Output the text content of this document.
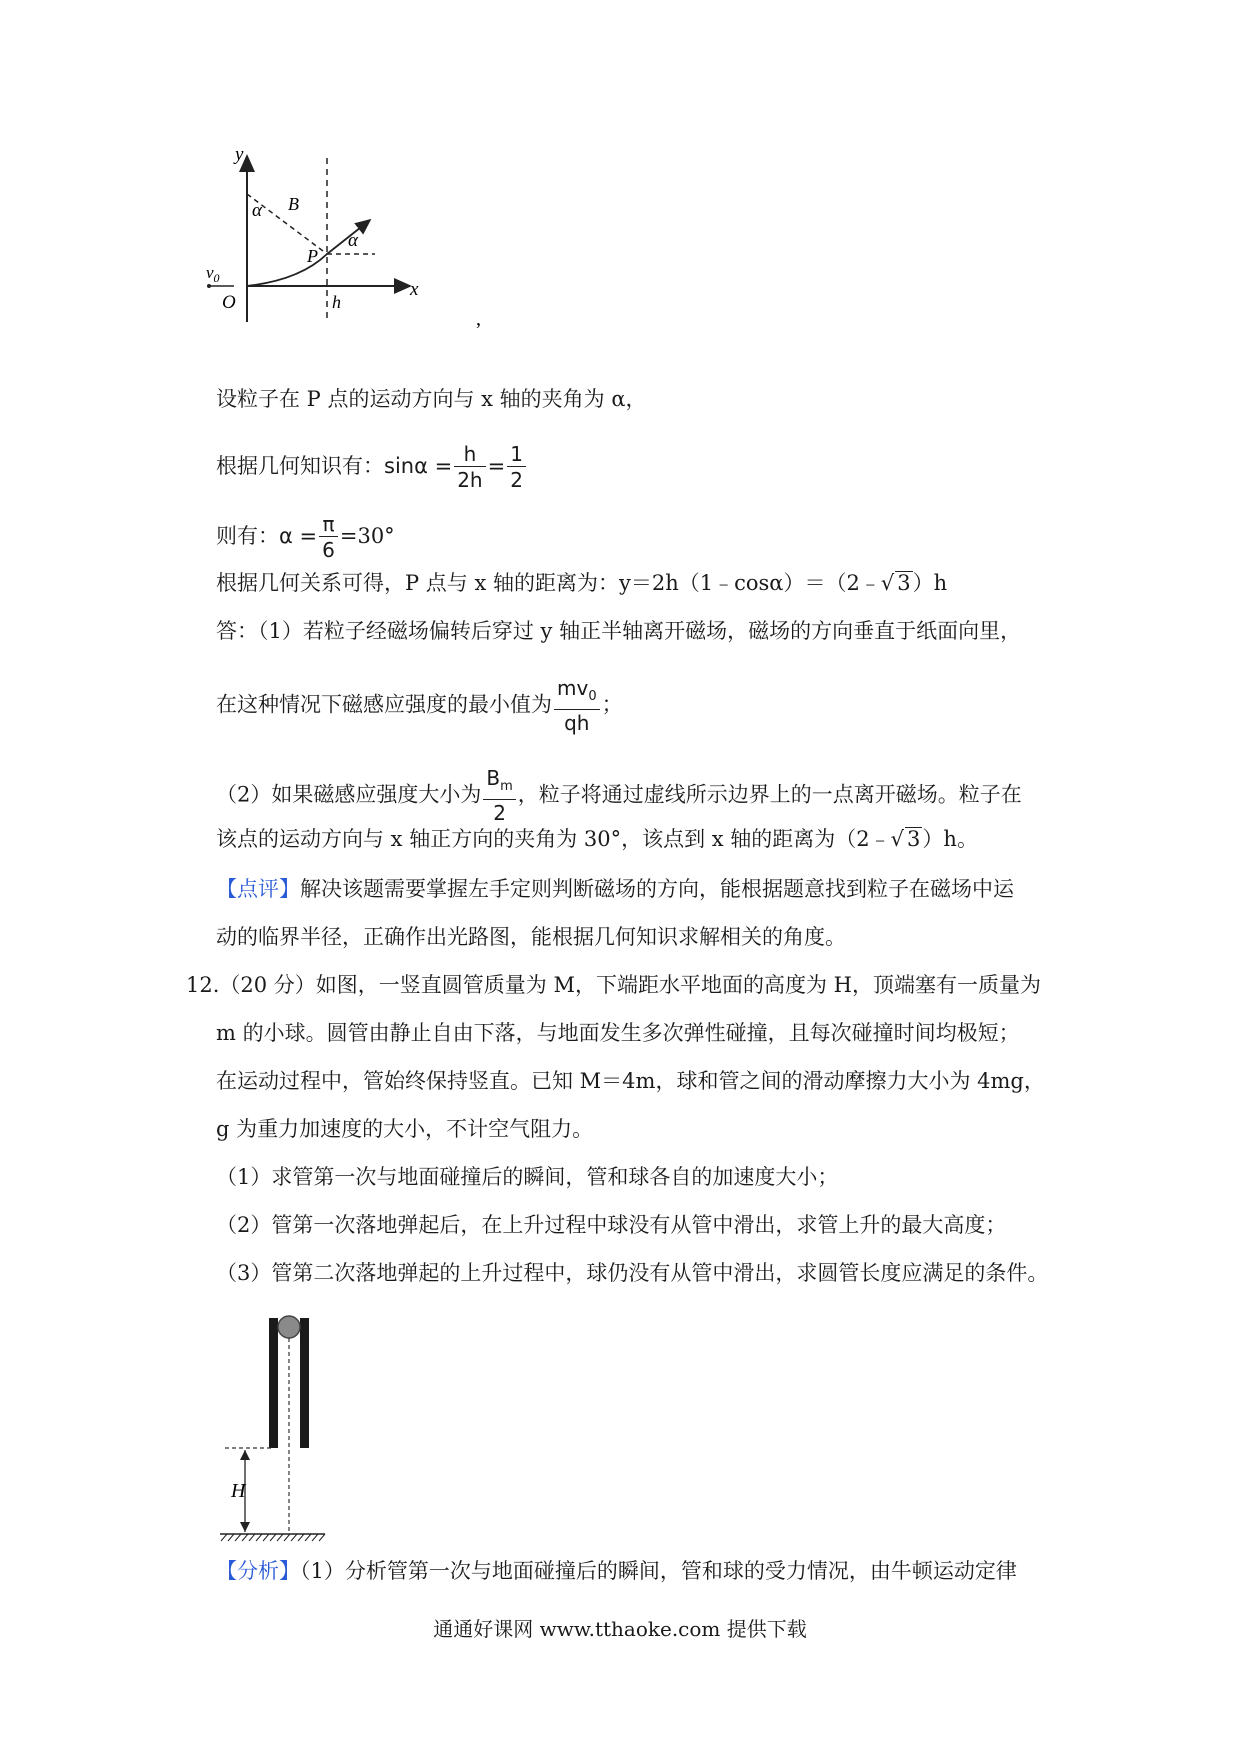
y
x
O
$v_0$
α B
P
α
h
,
设粒子在 P 点的运动方向与 x 轴的夹角为 α，
根据几何知识有：$\sin\alpha = \frac{h}{2h} = \frac{1}{2}$
则有：$\alpha = \frac{\pi}{6} =30^\circ$
根据几何关系可得，P 点与 x 轴的距离为：y＝2h（1﹣cosα）＝（2﹣√ 3）h
答：（1）若粒子经磁场偏转后穿过 y 轴正半轴离开磁场，磁场的方向垂直于纸面向里，
在这种情况下磁感应强度的最小值为 $\frac{mv_0}{qh}$ ；
（2）如果磁感应强度大小为 $\frac{B_m}{2}$ ，粒子将通过虚线所示边界上的一点离开磁场。粒子在
该点的运动方向与 x 轴正方向的夹角为 30°，该点到 x 轴的距离为（2﹣√ 3）h。
【点评】解决该题需要掌握左手定则判断磁场的方向，能根据题意找到粒子在磁场中运
动的临界半径，正确作出光路图，能根据几何知识求解相关的角度。
12.（20 分）如图，一竖直圆管质量为 M，下端距水平地面的高度为 H，顶端塞有一质量为
m 的小球。圆管由静止自由下落，与地面发生多次弹性碰撞，且每次碰撞时间均极短；
在运动过程中，管始终保持竖直。已知 M＝4m，球和管之间的滑动摩擦力大小为 4mg，
g 为重力加速度的大小，不计空气阻力。
（1）求管第一次与地面碰撞后的瞬间，管和球各自的加速度大小；
（2）管第一次落地弹起后，在上升过程中球没有从管中滑出，求管上升的最大高度；
（3）管第二次落地弹起的上升过程中，球仍没有从管中滑出，求圆管长度应满足的条件。
H
【分析】（1）分析管第一次与地面碰撞后的瞬间，管和球的受力情况，由牛顿运动定律
通通好课网 www.tthaoke.com 提供下载
